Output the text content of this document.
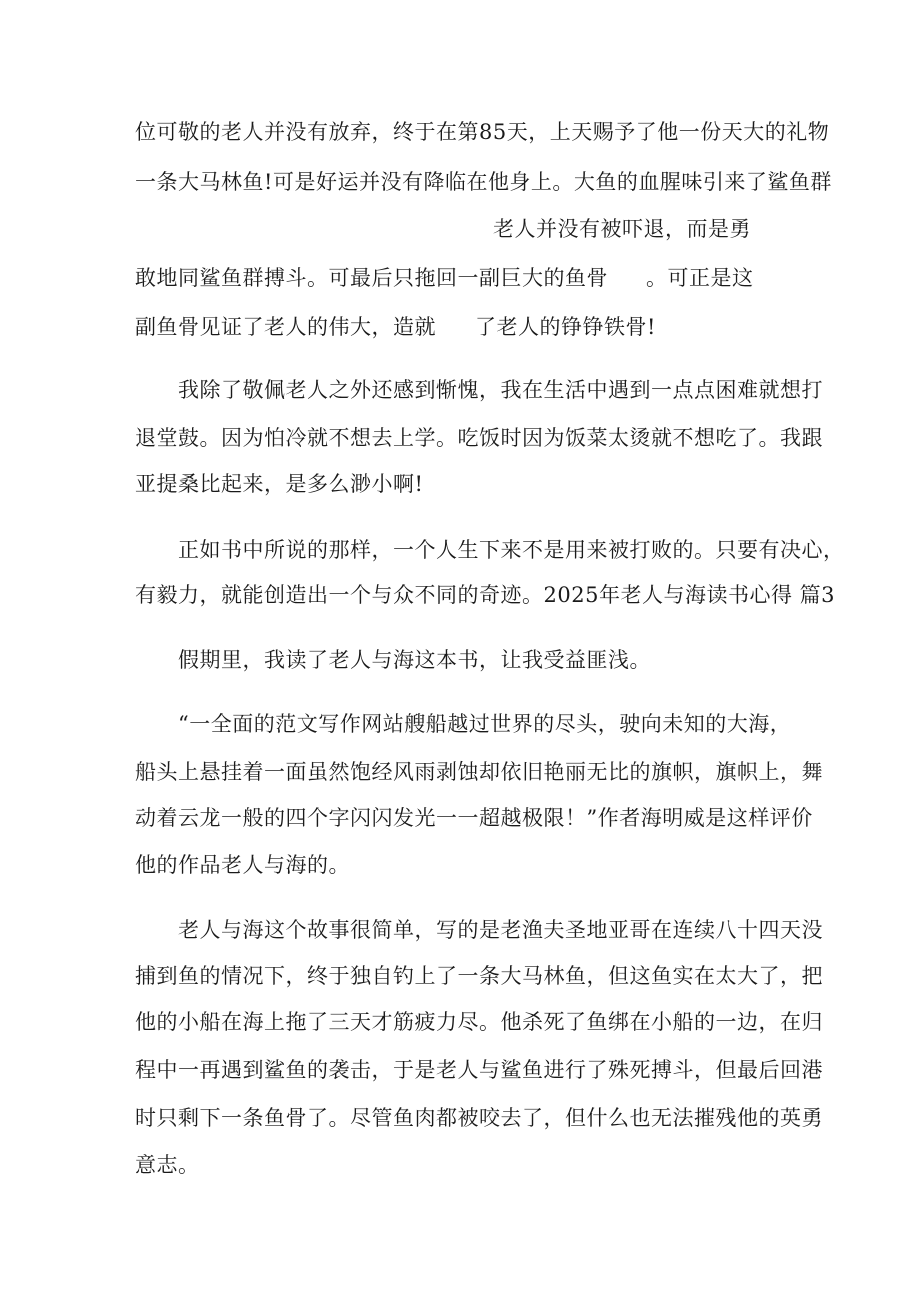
位可敬的老人并没有放弃，终于在第85天，上天赐予了他一份天大的礼物

一条大马林鱼!可是好运并没有降临在他身上。大鱼的血腥味引来了鲨鱼群

老人并没有被吓退，而是勇

敢地同鲨鱼群搏斗。可最后只拖回一副巨大的鱼骨 。可正是这

副鱼骨见证了老人的伟大，造就 了老人的铮铮铁骨!

我除了敬佩老人之外还感到惭愧，我在生活中遇到一点点困难就想打

退堂鼓。因为怕冷就不想去上学。吃饭时因为饭菜太烫就不想吃了。我跟

亚提桑比起来，是多么渺小啊!

正如书中所说的那样，一个人生下来不是用来被打败的。只要有决心，

有毅力，就能创造出一个与众不同的奇迹。2025年老人与海读书心得 篇3

假期里，我读了老人与海这本书，让我受益匪浅。

“一全面的范文写作网站艘船越过世界的尽头，驶向未知的大海，

船头上悬挂着一面虽然饱经风雨剥蚀却依旧艳丽无比的旗帜，旗帜上，舞

动着云龙一般的四个字闪闪发光一一超越极限！”作者海明威是这样评价

他的作品老人与海的。

老人与海这个故事很简单，写的是老渔夫圣地亚哥在连续八十四天没

捕到鱼的情况下，终于独自钓上了一条大马林鱼，但这鱼实在太大了，把

他的小船在海上拖了三天才筋疲力尽。他杀死了鱼绑在小船的一边，在归

程中一再遇到鲨鱼的袭击，于是老人与鲨鱼进行了殊死搏斗，但最后回港

时只剩下一条鱼骨了。尽管鱼肉都被咬去了，但什么也无法摧残他的英勇

意志。
